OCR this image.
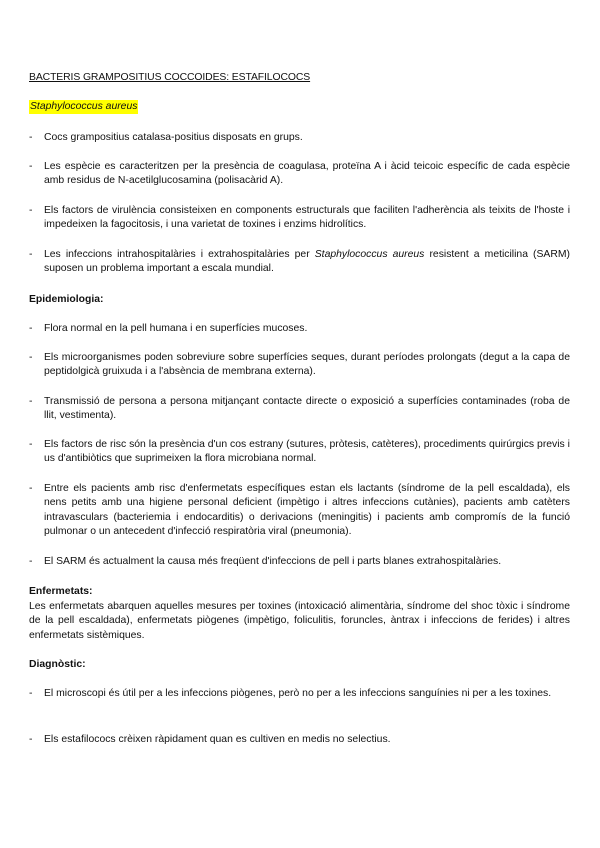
BACTERIS GRAMPOSITIUS COCCOIDES: ESTAFILOCOCS
Staphylococcus aureus
- Cocs grampositius catalasa-positius disposats en grups.
- Les espècie es caracteritzen per la presència de coagulasa, proteïna A i àcid teicoic específic de cada espècie amb residus de N-acetilglucosamina (polisacàrid A).
- Els factors de virulència consisteixen en components estructurals que faciliten l'adherència als teixits de l'hoste i impedeixen la fagocitosis, i una varietat de toxines i enzims hidrolítics.
- Les infeccions intrahospitalàries i extrahospitalàries per Staphylococcus aureus resistent a meticilina (SARM) suposen un problema important a escala mundial.
Epidemiologia:
- Flora normal en la pell humana i en superfícies mucoses.
- Els microorganismes poden sobreviure sobre superfícies seques, durant períodes prolongats (degut a la capa de peptidolgicà gruixuda i a l'absència de membrana externa).
- Transmissió de persona a persona mitjançant contacte directe o exposició a superfícies contaminades (roba de llit, vestimenta).
- Els factors de risc són la presència d'un cos estrany (sutures, pròtesis, catèteres), procediments quirúrgics previs i us d'antibiòtics que suprimeixen la flora microbiana normal.
- Entre els pacients amb risc d'enfermetats específiques estan els lactants (síndrome de la pell escaldada), els nens petits amb una higiene personal deficient (impètigo i altres infeccions cutànies), pacients amb catèters intravasculars (bacteriemia i endocarditis) o derivacions (meningitis) i pacients amb compromís de la funció pulmonar o un antecedent d'infecció respiratòria viral (pneumonia).
- El SARM és actualment la causa més freqüent d'infeccions de pell i parts blanes extrahospitalàries.
Enfermetats:
Les enfermetats abarquen aquelles mesures per toxines (intoxicació alimentària, síndrome del shoc tòxic i síndrome de la pell escaldada), enfermetats piògenes (impètigo, foliculitis, foruncles, àntrax i infeccions de ferides) i altres enfermetats sistèmiques.
Diagnòstic:
- El microscopi és útil per a les infeccions piògenes, però no per a les infeccions sanguínies ni per a les toxines.
- Els estafilococs crèixen ràpidament quan es cultiven en medis no selectius.
